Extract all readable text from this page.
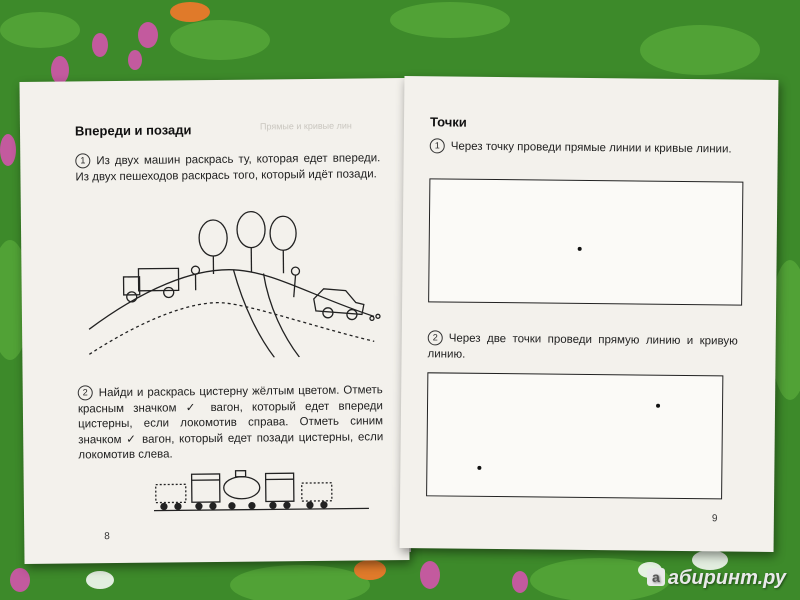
Впереди и позади	Прямые и кривые лин
1 Из двух машин раскрась ту, которая едет впереди. Из двух пешеходов раскрась того, который идёт позади.
2 Найди и раскрась цистерну жёлтым цветом. Отметь красным значком ✓ вагон, который едет впереди цистерны, если локомотив справа. Отметь синим значком ✓ вагон, который едет позади цистерны, если локомотив слева.
8
Точки
1 Через точку проведи прямые линии и кривые линии.
2 Через две точки проведи прямую линию и кривую линию.
9
a абиринт.ру
